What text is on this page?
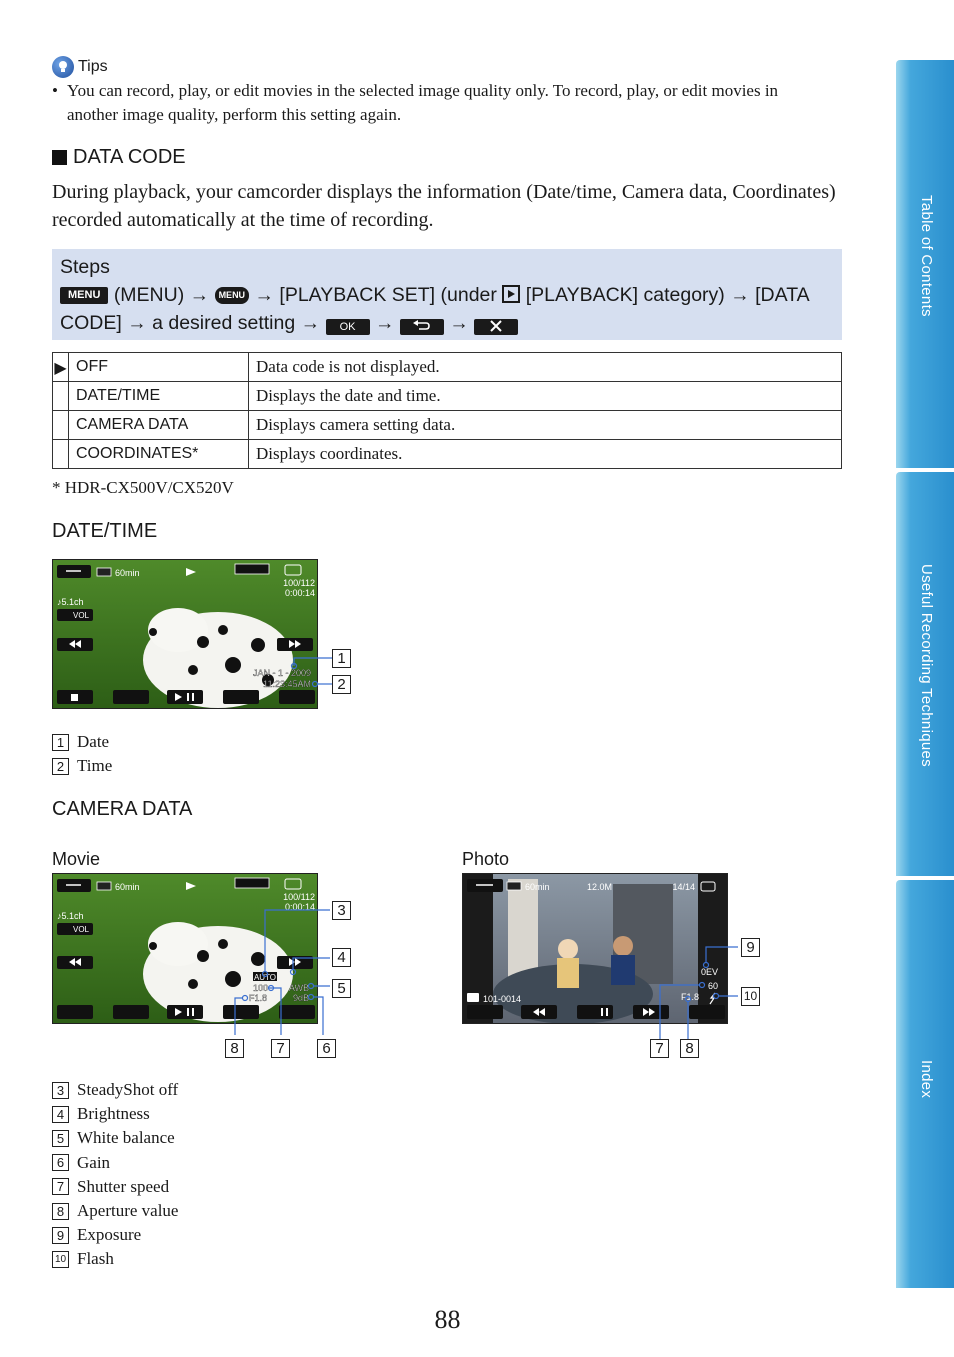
Tips
• You can record, play, or edit movies in the selected image quality only. To record, play, or edit movies in another image quality, perform this setting again.
DATA CODE
During playback, your camcorder displays the information (Date/time, Camera data, Coordinates) recorded automatically at the time of recording.
Steps
MENU (MENU) → MENU → [PLAYBACK SET] (under [PLAYBACK] category) → [DATA CODE] → a desired setting → OK →	→
▶	OFF	Data code is not displayed.
	DATE/TIME	Displays the date and time.
	CAMERA DATA	Displays camera setting data.
	COORDINATES*	Displays coordinates.
* HDR-CX500V/CX520V
DATE/TIME
60min
100/112
0:00:14
♪5.1ch
VOL
JAN - 1 - 2009
11:23:45AM
1
2
1 Date
2 Time
CAMERA DATA
Movie	Photo
60min
100/112
0:00:14
♪5.1ch
VOL
AUTO
100 AWB
F1.8	9dB
3
4
5
8	7	6
60min	12.0M	14/14
0EV
60
F1.8
101-0014
9
10
7	8
3 SteadyShot off
4 Brightness
5 White balance
6 Gain
7 Shutter speed
8 Aperture value
9 Exposure
10 Flash
Table of Contents
Useful Recording Techniques
Index
88
